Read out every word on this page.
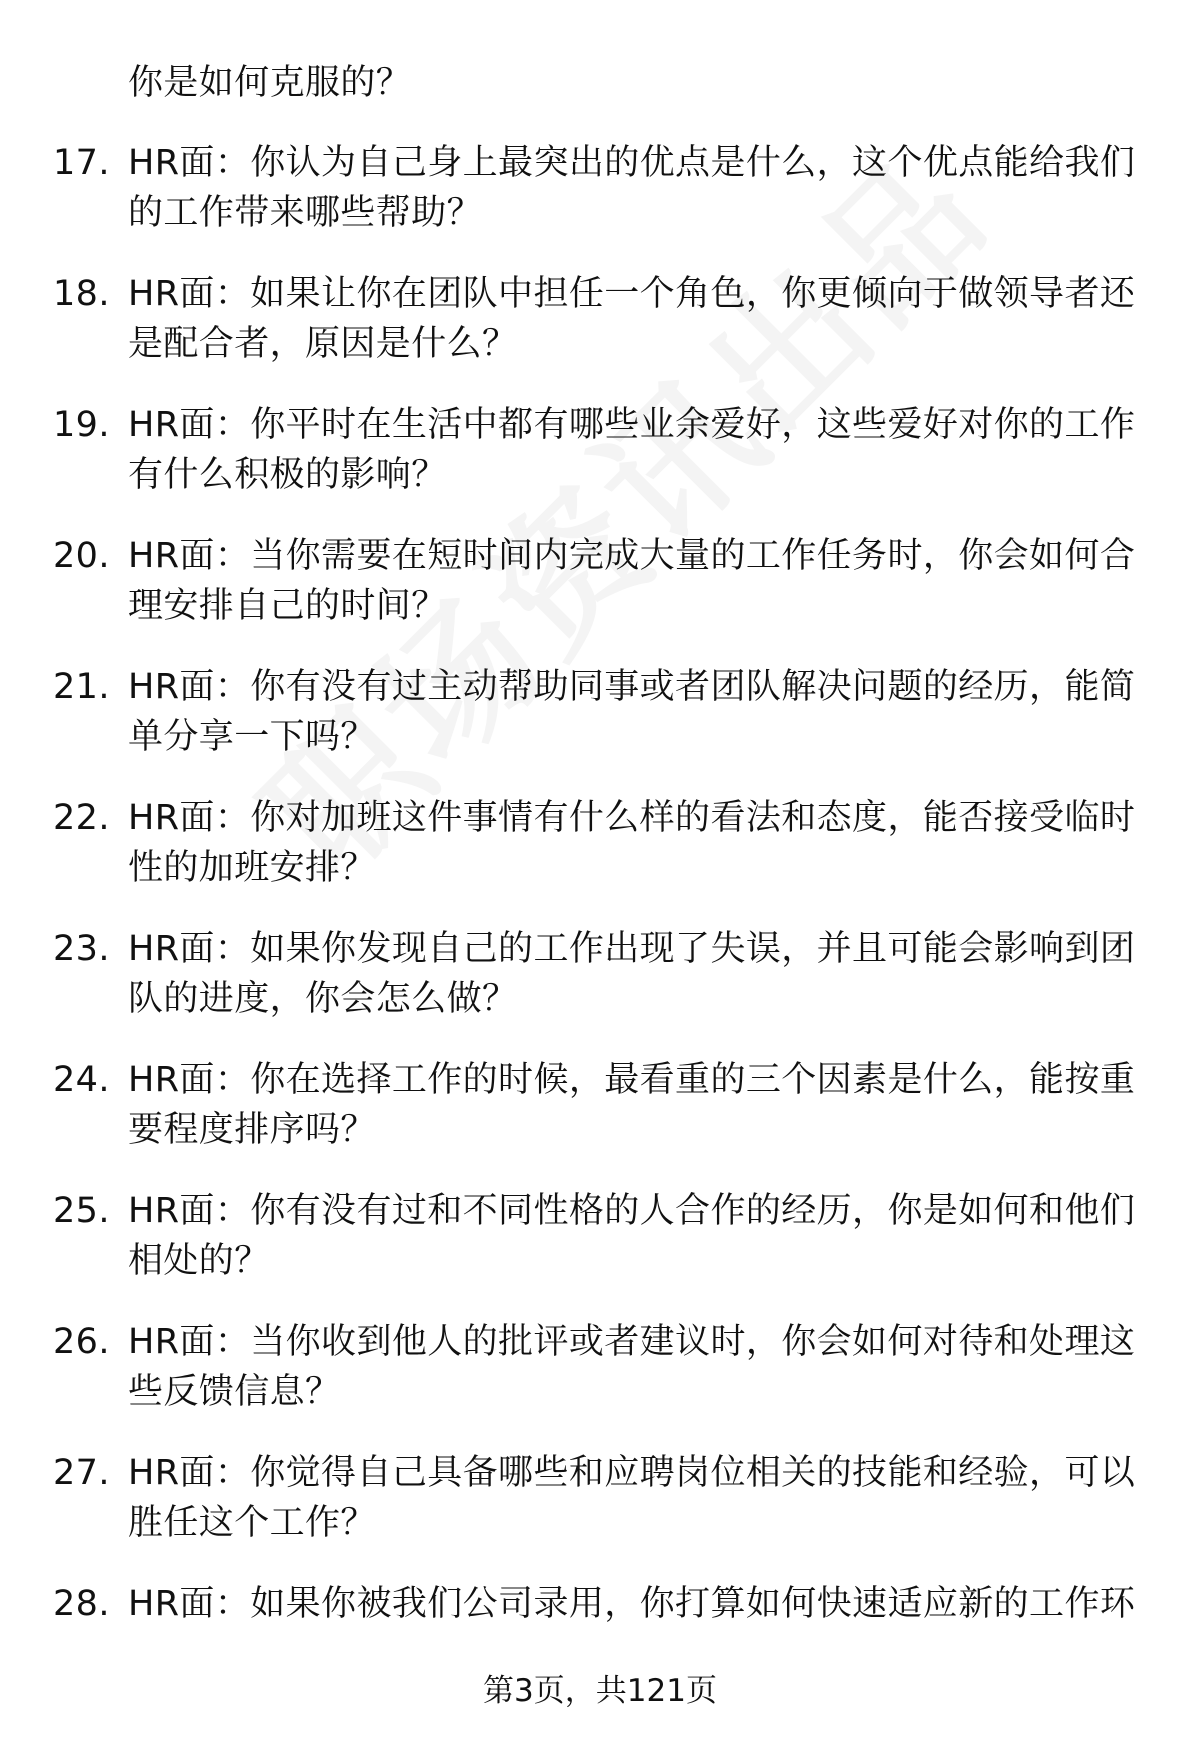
你是如何克服的？
17. HR面：你认为自己身上最突出的优点是什么，这个优点能给我们的工作带来哪些帮助？
18. HR面：如果让你在团队中担任一个角色，你更倾向于做领导者还是配合者，原因是什么？
19. HR面：你平时在生活中都有哪些业余爱好，这些爱好对你的工作有什么积极的影响？
20. HR面：当你需要在短时间内完成大量的工作任务时，你会如何合理安排自己的时间？
21. HR面：你有没有过主动帮助同事或者团队解决问题的经历，能简单分享一下吗？
22. HR面：你对加班这件事情有什么样的看法和态度，能否接受临时性的加班安排？
23. HR面：如果你发现自己的工作出现了失误，并且可能会影响到团队的进度，你会怎么做？
24. HR面：你在选择工作的时候，最看重的三个因素是什么，能按重要程度排序吗？
25. HR面：你有没有过和不同性格的人合作的经历，你是如何和他们相处的？
26. HR面：当你收到他人的批评或者建议时，你会如何对待和处理这些反馈信息？
27. HR面：你觉得自己具备哪些和应聘岗位相关的技能和经验，可以胜任这个工作？
28. HR面：如果你被我们公司录用，你打算如何快速适应新的工作环
第3页，共121页
